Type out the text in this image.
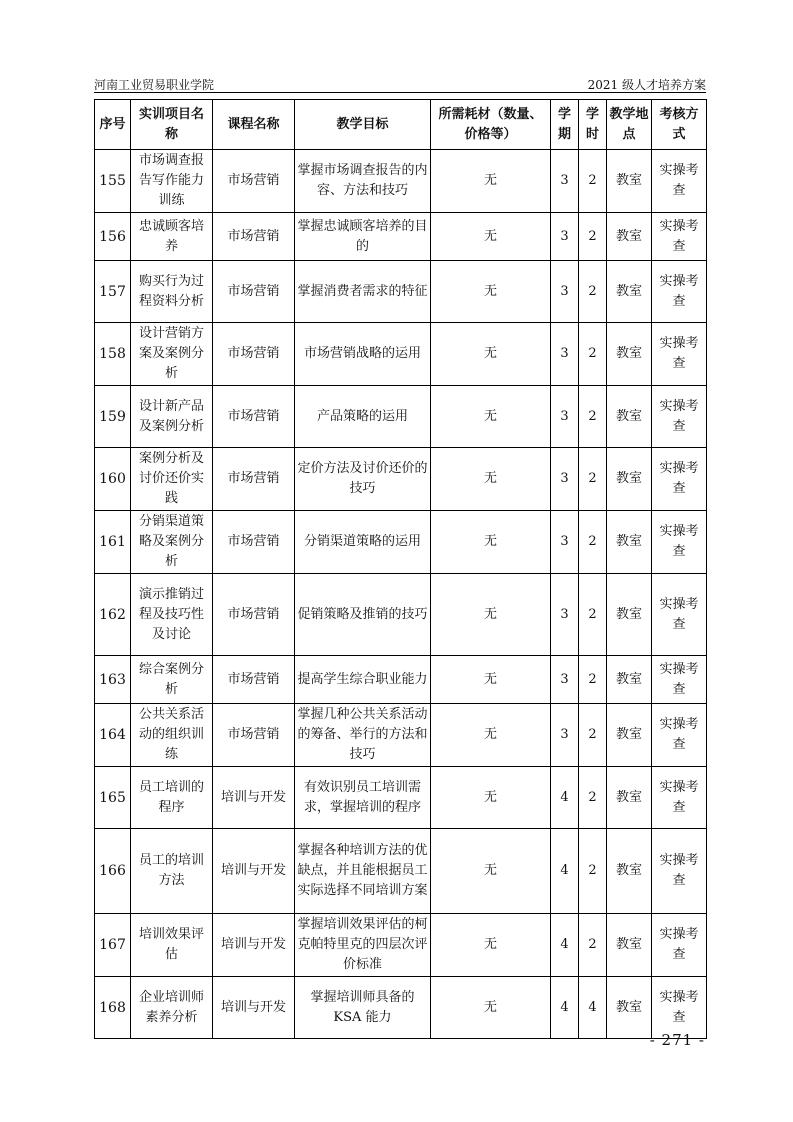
河南工业贸易职业学院	2021 级人才培养方案
序号	实训项目名称	课程名称	教学目标	所需耗材（数量、价格等）	学期	学时	教学地点	考核方式
155	市场调查报告写作能力训练	市场营销	掌握市场调查报告的内容、方法和技巧	无	3	2	教室	实操考查
156	忠诚顾客培养	市场营销	掌握忠诚顾客培养的目的	无	3	2	教室	实操考查
157	购买行为过程资料分析	市场营销	掌握消费者需求的特征	无	3	2	教室	实操考查
158	设计营销方案及案例分析	市场营销	市场营销战略的运用	无	3	2	教室	实操考查
159	设计新产品及案例分析	市场营销	产品策略的运用	无	3	2	教室	实操考查
160	案例分析及讨价还价实践	市场营销	定价方法及讨价还价的技巧	无	3	2	教室	实操考查
161	分销渠道策略及案例分析	市场营销	分销渠道策略的运用	无	3	2	教室	实操考查
162	演示推销过程及技巧性及讨论	市场营销	促销策略及推销的技巧	无	3	2	教室	实操考查
163	综合案例分析	市场营销	提高学生综合职业能力	无	3	2	教室	实操考查
164	公共关系活动的组织训练	市场营销	掌握几种公共关系活动的筹备、举行的方法和技巧	无	3	2	教室	实操考查
165	员工培训的程序	培训与开发	有效识别员工培训需求，掌握培训的程序	无	4	2	教室	实操考查
166	员工的培训方法	培训与开发	掌握各种培训方法的优缺点，并且能根据员工实际选择不同培训方案	无	4	2	教室	实操考查
167	培训效果评估	培训与开发	掌握培训效果评估的柯克帕特里克的四层次评价标准	无	4	2	教室	实操考查
168	企业培训师素养分析	培训与开发	掌握培训师具备的 KSA 能力	无	4	4	教室	实操考查
- 271 -
